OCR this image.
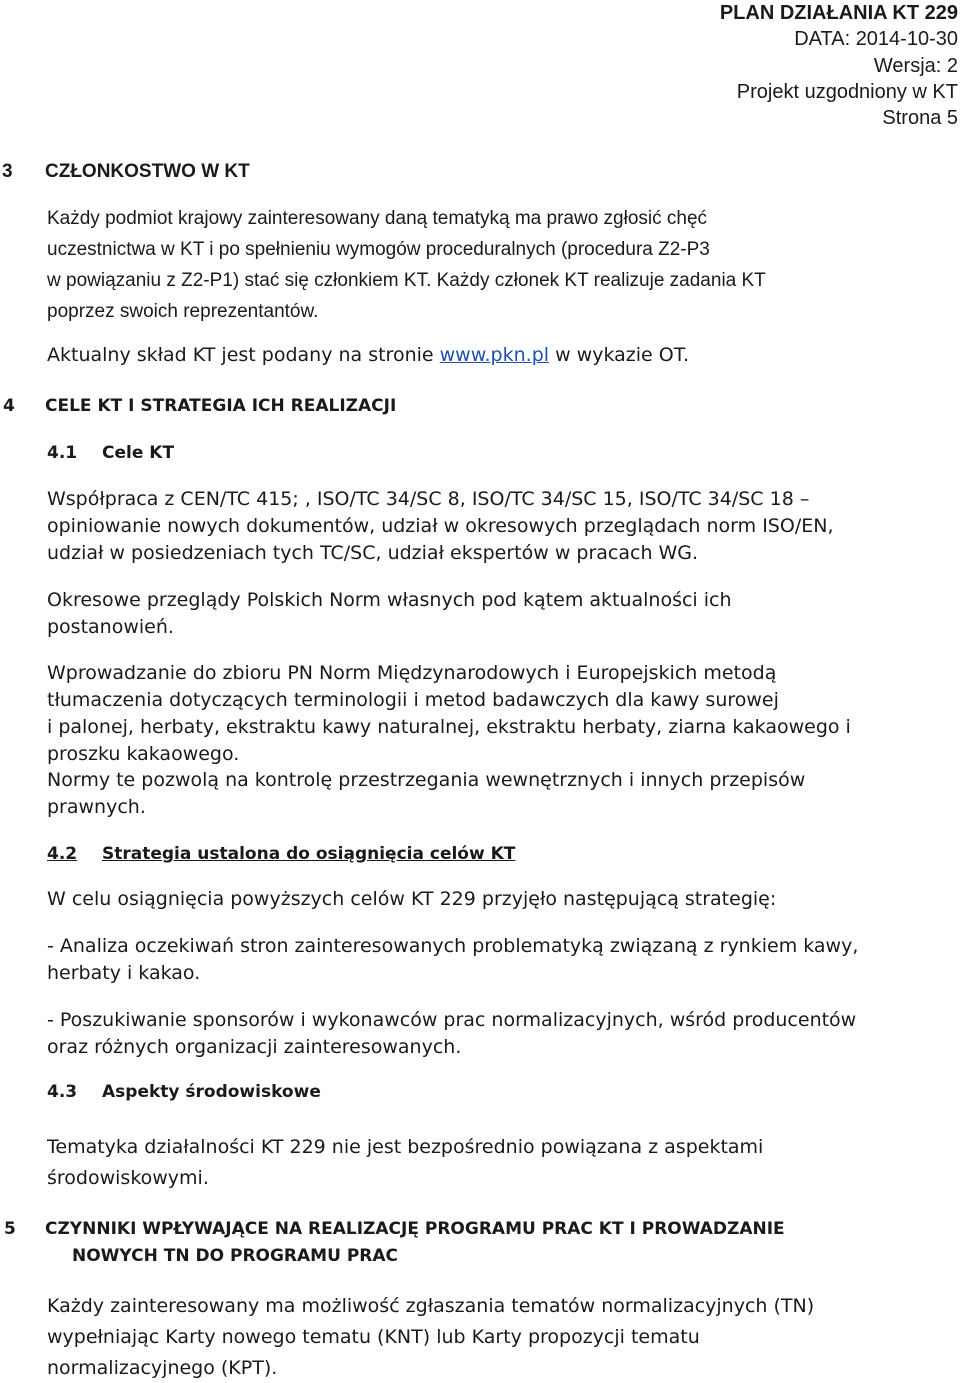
PLAN DZIAŁANIA KT 229
DATA: 2014-10-30
Wersja: 2
Projekt uzgodniony w KT
Strona 5
3 CZŁONKOSTWO W KT
Każdy podmiot krajowy zainteresowany daną tematyką ma prawo zgłosić chęć
uczestnictwa w KT i po spełnieniu wymogów proceduralnych (procedura Z2-P3
w powiązaniu z Z2-P1) stać się członkiem KT. Każdy członek KT realizuje zadania KT
poprzez swoich reprezentantów.
Aktualny skład KT jest podany na stronie www.pkn.pl w wykazie OT.
4 CELE KT I STRATEGIA ICH REALIZACJI
4.1 Cele KT
Współpraca z CEN/TC 415; , ISO/TC 34/SC 8, ISO/TC 34/SC 15, ISO/TC 34/SC 18 –
opiniowanie nowych dokumentów, udział w okresowych przeglądach norm ISO/EN,
udział w posiedzeniach tych TC/SC, udział ekspertów w pracach WG.
Okresowe przeglądy Polskich Norm własnych pod kątem aktualności ich
postanowień.
Wprowadzanie do zbioru PN Norm Międzynarodowych i Europejskich metodą
tłumaczenia dotyczących terminologii i metod badawczych dla kawy surowej
i palonej, herbaty, ekstraktu kawy naturalnej, ekstraktu herbaty, ziarna kakaowego i
proszku kakaowego.
Normy te pozwolą na kontrolę przestrzegania wewnętrznych i innych przepisów
prawnych.
4.2 Strategia ustalona do osiągnięcia celów KT
W celu osiągnięcia powyższych celów KT 229 przyjęło następującą strategię:
- Analiza oczekiwań stron zainteresowanych problematyką związaną z rynkiem kawy,
herbaty i kakao.
- Poszukiwanie sponsorów i wykonawców prac normalizacyjnych, wśród producentów
oraz różnych organizacji zainteresowanych.
4.3 Aspekty środowiskowe
Tematyka działalności KT 229 nie jest bezpośrednio powiązana z aspektami
środowiskowymi.
5 CZYNNIKI WPŁYWAJĄCE NA REALIZACJĘ PROGRAMU PRAC KT I PROWADZANIE
NOWYCH TN DO PROGRAMU PRAC
Każdy zainteresowany ma możliwość zgłaszania tematów normalizacyjnych (TN)
wypełniając Karty nowego tematu (KNT) lub Karty propozycji tematu
normalizacyjnego (KPT).
